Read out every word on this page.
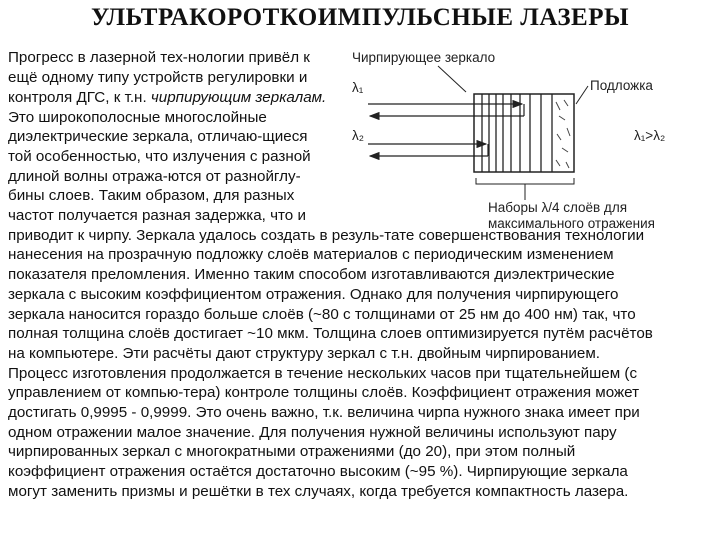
УЛЬТРАКОРОТКОИМПУЛЬСНЫЕ ЛАЗЕРЫ
Прогресс в лазерной тех-нологии привёл к
ещё одному типу устройств регулировки и
контроля ДГС, к т.н. чирпирующим зеркалам.
Это широкополосные многослойные
диэлектрические зеркала, отличаю-щиеся
той особенностью, что излучения с разной
длиной волны отража-ются от разнойглу-
бины слоев. Таким образом, для разных
частот получается разная задержка, что и
приводит к чирпу. Зеркала удалось создать в резуль-тате совершенствования технологии
нанесения на прозрачную подложку слоёв материалов с периодическим изменением
показателя преломления. Именно таким способом изготавливаются диэлектрические
зеркала с высоким коэффициентом отражения. Однако для получения чирпирующего
зеркала наносится гораздо больше слоёв (~80 с толщинами от 25 нм до 400 нм) так, что
полная толщина слоёв достигает ~10 мкм. Толщина слоев оптимизируется путём расчётов
на компьютере. Эти расчёты дают структуру зеркал с т.н. двойным чирпированием.
Процесс изготовления продолжается в течение нескольких часов при тщательнейшем (с
управлением от компью-тера) контроле толщины слоёв. Коэффициент отражения может
достигать 0,9995 - 0,9999. Это очень важно, т.к. величина чирпа нужного знака имеет при
одном отражении малое значение. Для получения нужной величины используют пару
чирпированных зеркал с многократными отражениями (до 20), при этом полный
коэффициент отражения остаётся достаточно высоким (~95 %). Чирпирующие зеркала
могут заменить призмы и решётки в тех случаях, когда требуется компактность лазера.
Чирпирующее зеркало
Подложка
λ₁
λ₂	λ₁>λ₂
Наборы λ/4 слоёв для
максимального отражения
